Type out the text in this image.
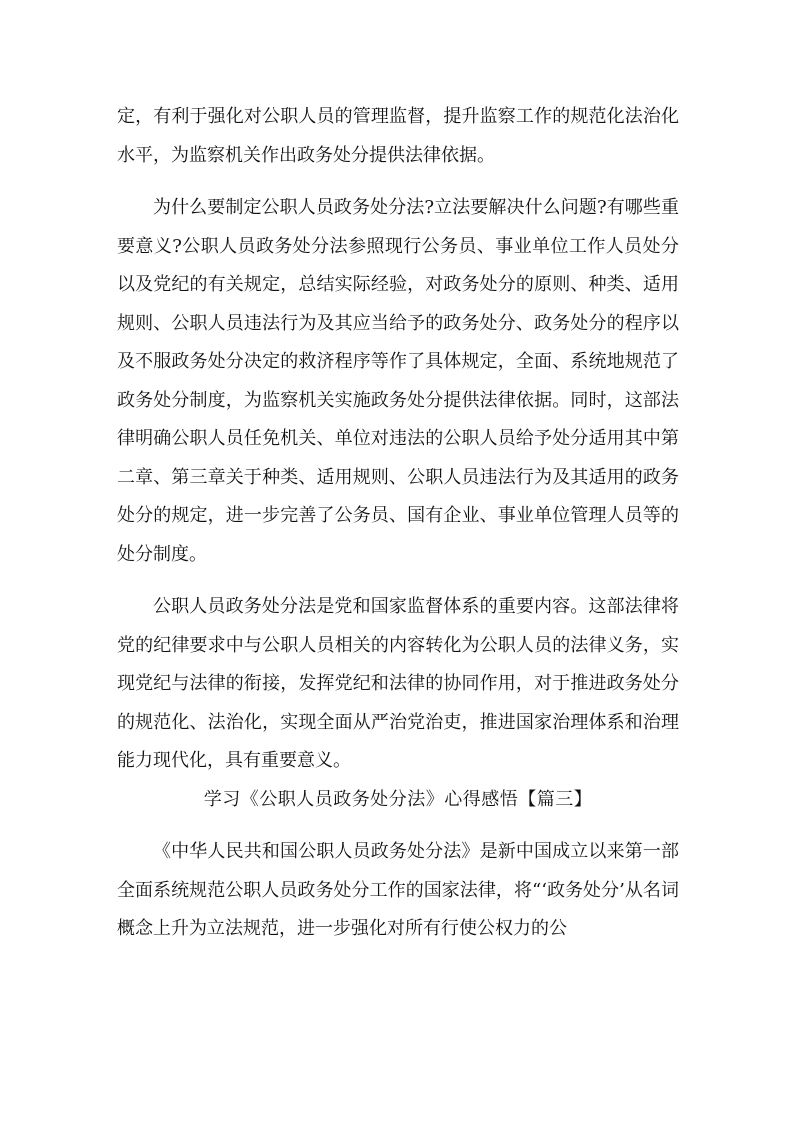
定，有利于强化对公职人员的管理监督，提升监察工作的规范化法治化水平，为监察机关作出政务处分提供法律依据。

为什么要制定公职人员政务处分法?立法要解决什么问题?有哪些重要意义?公职人员政务处分法参照现行公务员、事业单位工作人员处分以及党纪的有关规定，总结实际经验，对政务处分的原则、种类、适用规则、公职人员违法行为及其应当给予的政务处分、政务处分的程序以及不服政务处分决定的救济程序等作了具体规定，全面、系统地规范了政务处分制度，为监察机关实施政务处分提供法律依据。同时，这部法律明确公职人员任免机关、单位对违法的公职人员给予处分适用其中第二章、第三章关于种类、适用规则、公职人员违法行为及其适用的政务处分的规定，进一步完善了公务员、国有企业、事业单位管理人员等的处分制度。

公职人员政务处分法是党和国家监督体系的重要内容。这部法律将党的纪律要求中与公职人员相关的内容转化为公职人员的法律义务，实现党纪与法律的衔接，发挥党纪和法律的协同作用，对于推进政务处分的规范化、法治化，实现全面从严治党治吏，推进国家治理体系和治理能力现代化，具有重要意义。

学习《公职人员政务处分法》心得感悟【篇三】

《中华人民共和国公职人员政务处分法》是新中国成立以来第一部全面系统规范公职人员政务处分工作的国家法律，将“‘政务处分’从名词概念上升为立法规范，进一步强化对所有行使公权力的公
